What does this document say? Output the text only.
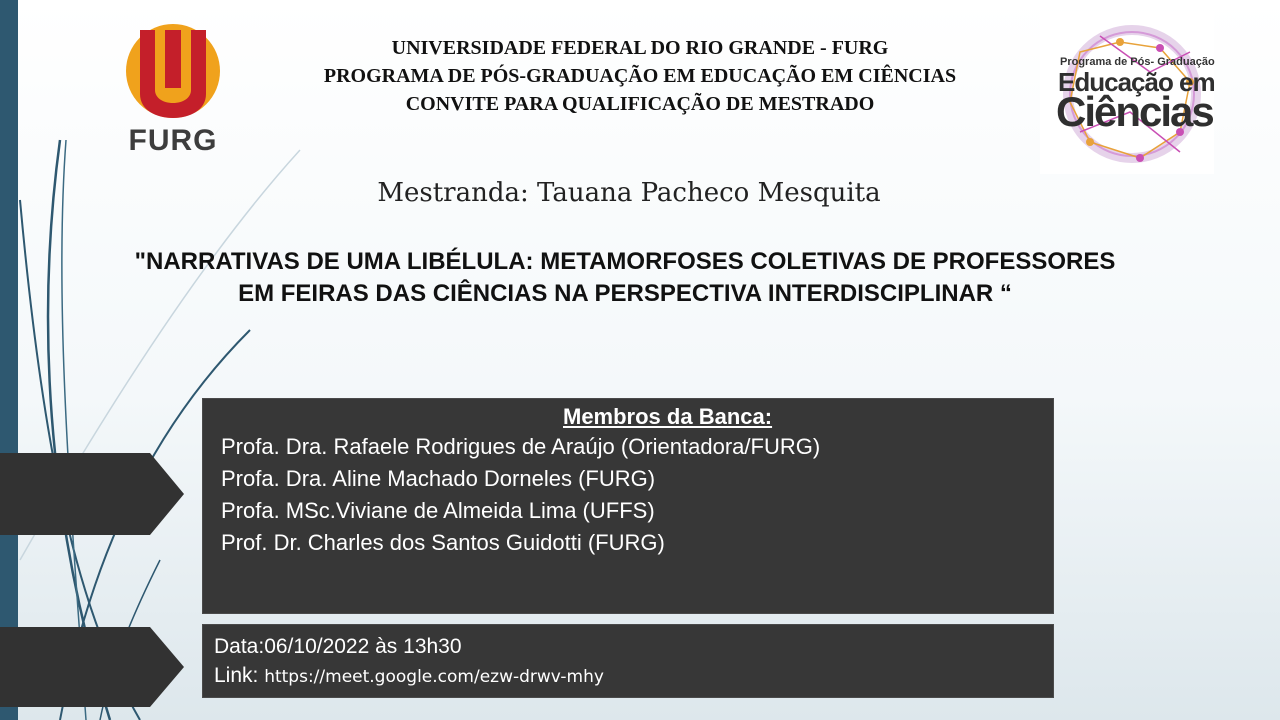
FURG
Programa de Pós- Graduação
Educação em
Ciências
UNIVERSIDADE FEDERAL DO RIO GRANDE - FURG
PROGRAMA DE PÓS-GRADUAÇÃO EM EDUCAÇÃO EM CIÊNCIAS
CONVITE PARA QUALIFICAÇÃO DE MESTRADO
Mestranda: Tauana Pacheco Mesquita
"NARRATIVAS DE UMA LIBÉLULA: METAMORFOSES COLETIVAS DE PROFESSORES
EM FEIRAS DAS CIÊNCIAS NA PERSPECTIVA INTERDISCIPLINAR “
Membros da Banca:
Profa. Dra. Rafaele Rodrigues de Araújo (Orientadora/FURG)
Profa. Dra. Aline Machado Dorneles (FURG)
Profa. MSc.Viviane de Almeida Lima (UFFS)
Prof. Dr. Charles dos Santos Guidotti (FURG)
Data:06/10/2022 às 13h30
Link: https://meet.google.com/ezw-drwv-mhy
